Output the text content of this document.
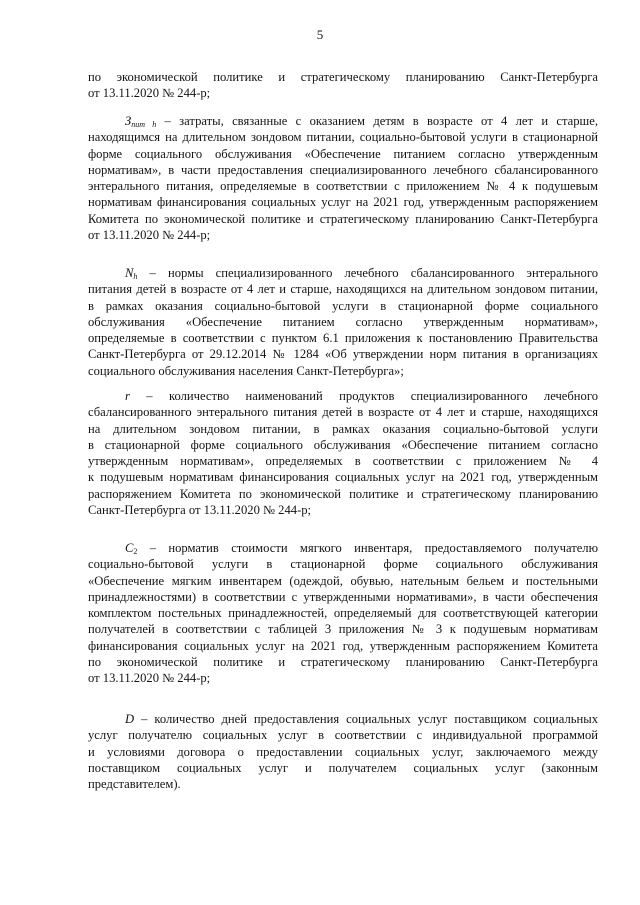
5
по экономической политике и стратегическому планированию Санкт-Петербурга
от 13.11.2020 № 244-р;
$З_{пит h}$ – затраты, связанные с оказанием детям в возрасте от 4 лет и старше,
находящимся на длительном зондовом питании, социально-бытовой услуги в стационарной
форме социального обслуживания «Обеспечение питанием согласно утвержденным
нормативам», в части предоставления специализированного лечебного сбалансированного
энтерального питания, определяемые в соответствии с приложением № 4 к подушевым
нормативам финансирования социальных услуг на 2021 год, утвержденным распоряжением
Комитета по экономической политике и стратегическому планированию Санкт-Петербурга
от 13.11.2020 № 244-р;
$N_h$ – нормы специализированного лечебного сбалансированного энтерального
питания детей в возрасте от 4 лет и старше, находящихся на длительном зондовом питании,
в рамках оказания социально-бытовой услуги в стационарной форме социального
обслуживания «Обеспечение питанием согласно утвержденным нормативам»,
определяемые в соответствии с пунктом 6.1 приложения к постановлению Правительства
Санкт-Петербурга от 29.12.2014 № 1284 «Об утверждении норм питания в организациях
социального обслуживания населения Санкт-Петербурга»;
r – количество наименований продуктов специализированного лечебного
сбалансированного энтерального питания детей в возрасте от 4 лет и старше, находящихся
на длительном зондовом питании, в рамках оказания социально-бытовой услуги
в стационарной форме социального обслуживания «Обеспечение питанием согласно
утвержденным нормативам», определяемых в соответствии с приложением № 4
к подушевым нормативам финансирования социальных услуг на 2021 год, утвержденным
распоряжением Комитета по экономической политике и стратегическому планированию
Санкт-Петербурга от 13.11.2020 № 244-р;
$C_2$ – норматив стоимости мягкого инвентаря, предоставляемого получателю
социально-бытовой услуги в стационарной форме социального обслуживания
«Обеспечение мягким инвентарем (одеждой, обувью, нательным бельем и постельными
принадлежностями) в соответствии с утвержденными нормативами», в части обеспечения
комплектом постельных принадлежностей, определяемый для соответствующей категории
получателей в соответствии с таблицей 3 приложения № 3 к подушевым нормативам
финансирования социальных услуг на 2021 год, утвержденным распоряжением Комитета
по экономической политике и стратегическому планированию Санкт-Петербурга
от 13.11.2020 № 244-р;
D – количество дней предоставления социальных услуг поставщиком социальных
услуг получателю социальных услуг в соответствии с индивидуальной программой
и условиями договора о предоставлении социальных услуг, заключаемого между
поставщиком социальных услуг и получателем социальных услуг (законным
представителем).
